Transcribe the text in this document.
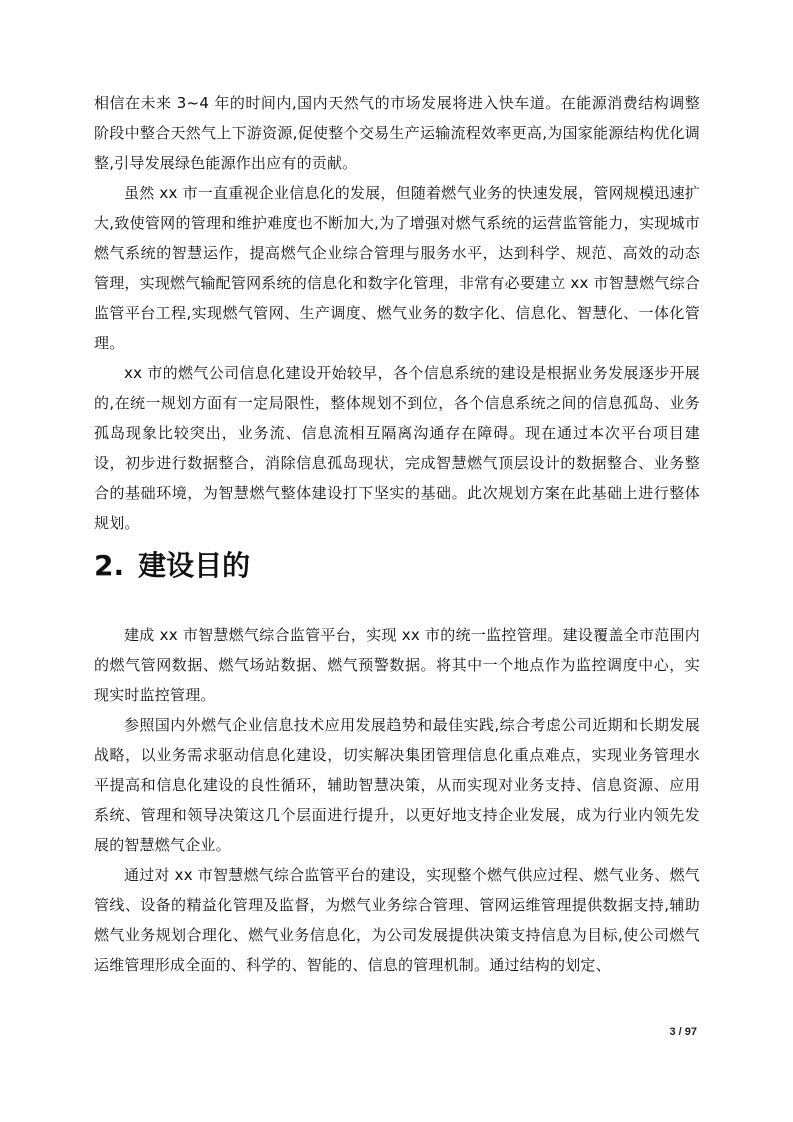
相信在未来 3~4 年的时间内,国内天然气的市场发展将进入快车道。在能源消费结构调整阶段中整合天然气上下游资源,促使整个交易生产运输流程效率更高,为国家能源结构优化调整,引导发展绿色能源作出应有的贡献。

虽然 xx 市一直重视企业信息化的发展，但随着燃气业务的快速发展，管网规模迅速扩大,致使管网的管理和维护难度也不断加大,为了增强对燃气系统的运营监管能力，实现城市燃气系统的智慧运作，提高燃气企业综合管理与服务水平，达到科学、规范、高效的动态管理，实现燃气输配管网系统的信息化和数字化管理，非常有必要建立 xx 市智慧燃气综合监管平台工程,实现燃气管网、生产调度、燃气业务的数字化、信息化、智慧化、一体化管理。

xx 市的燃气公司信息化建设开始较早，各个信息系统的建设是根据业务发展逐步开展的,在统一规划方面有一定局限性，整体规划不到位，各个信息系统之间的信息孤岛、业务孤岛现象比较突出，业务流、信息流相互隔离沟通存在障碍。现在通过本次平台项目建设，初步进行数据整合，消除信息孤岛现状，完成智慧燃气顶层设计的数据整合、业务整合的基础环境，为智慧燃气整体建设打下坚实的基础。此次规划方案在此基础上进行整体规划。

2. 建设目的

建成 xx 市智慧燃气综合监管平台，实现 xx 市的统一监控管理。建设覆盖全市范围内的燃气管网数据、燃气场站数据、燃气预警数据。将其中一个地点作为监控调度中心，实现实时监控管理。

参照国内外燃气企业信息技术应用发展趋势和最佳实践,综合考虑公司近期和长期发展战略，以业务需求驱动信息化建设，切实解决集团管理信息化重点难点，实现业务管理水平提高和信息化建设的良性循环，辅助智慧决策，从而实现对业务支持、信息资源、应用系统、管理和领导决策这几个层面进行提升，以更好地支持企业发展，成为行业内领先发展的智慧燃气企业。

通过对 xx 市智慧燃气综合监管平台的建设，实现整个燃气供应过程、燃气业务、燃气管线、设备的精益化管理及监督，为燃气业务综合管理、管网运维管理提供数据支持,辅助燃气业务规划合理化、燃气业务信息化，为公司发展提供决策支持信息为目标,使公司燃气运维管理形成全面的、科学的、智能的、信息的管理机制。通过结构的划定、

3 / 97
